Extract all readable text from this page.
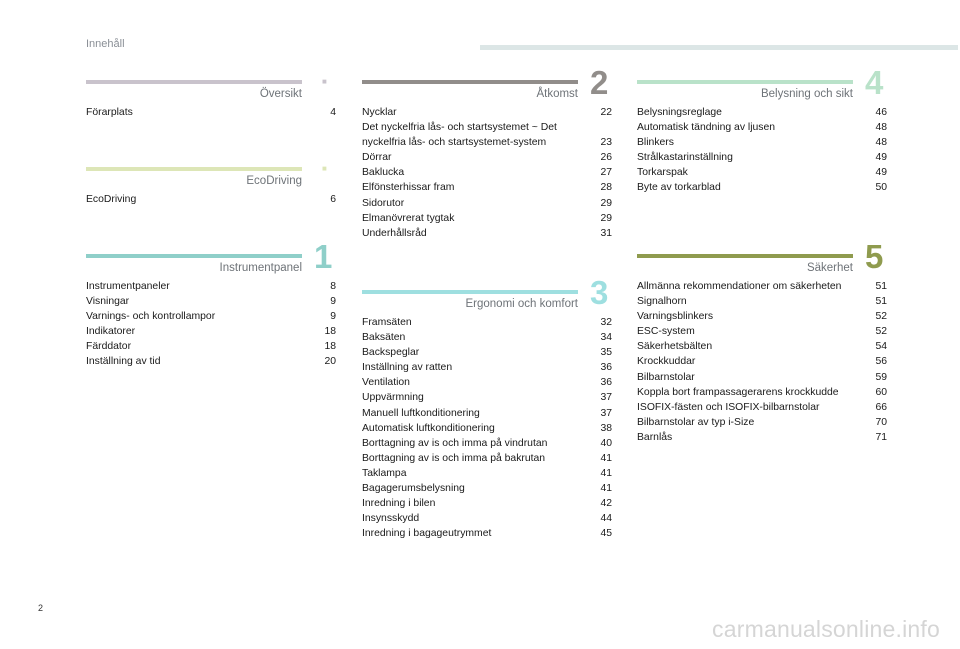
Innehåll
Översikt
■
Förarplats	4
EcoDriving
■
EcoDriving	6
Instrumentpanel 1
Instrumentpaneler	8
Visningar	9
Varnings- och kontrollampor	9
Indikatorer	18
Färddator	18
Inställning av tid	20
Åtkomst 2
Nycklar	22
Det nyckelfria lås- och startsystemet ~ Det nyckelfria lås- och startsystemet-system	23
Dörrar	26
Baklucka	27
Elfönsterhissar fram	28
Sidorutor	29
Elmanövrerat tygtak	29
Underhållsråd	31
Ergonomi och komfort 3
Framsäten	32
Baksäten	34
Backspeglar	35
Inställning av ratten	36
Ventilation	36
Uppvärmning	37
Manuell luftkonditionering	37
Automatisk luftkonditionering	38
Borttagning av is och imma på vindrutan	40
Borttagning av is och imma på bakrutan	41
Taklampa	41
Bagagerumsbelysning	41
Inredning i bilen	42
Insynsskydd	44
Inredning i bagageutrymmet	45
Belysning och sikt 4
Belysningsreglage	46
Automatisk tändning av ljusen	48
Blinkers	48
Strålkastarinställning	49
Torkarspak	49
Byte av torkarblad	50
Säkerhet 5
Allmänna rekommendationer om säkerheten	51
Signalhorn	51
Varningsblinkers	52
ESC-system	52
Säkerhetsbälten	54
Krockkuddar	56
Bilbarnstolar	59
Koppla bort frampassagerarens krockkudde	60
ISOFIX-fästen och ISOFIX-bilbarnstolar	66
Bilbarnstolar av typ i-Size	70
Barnlås	71
2
carmanualsonline.info
